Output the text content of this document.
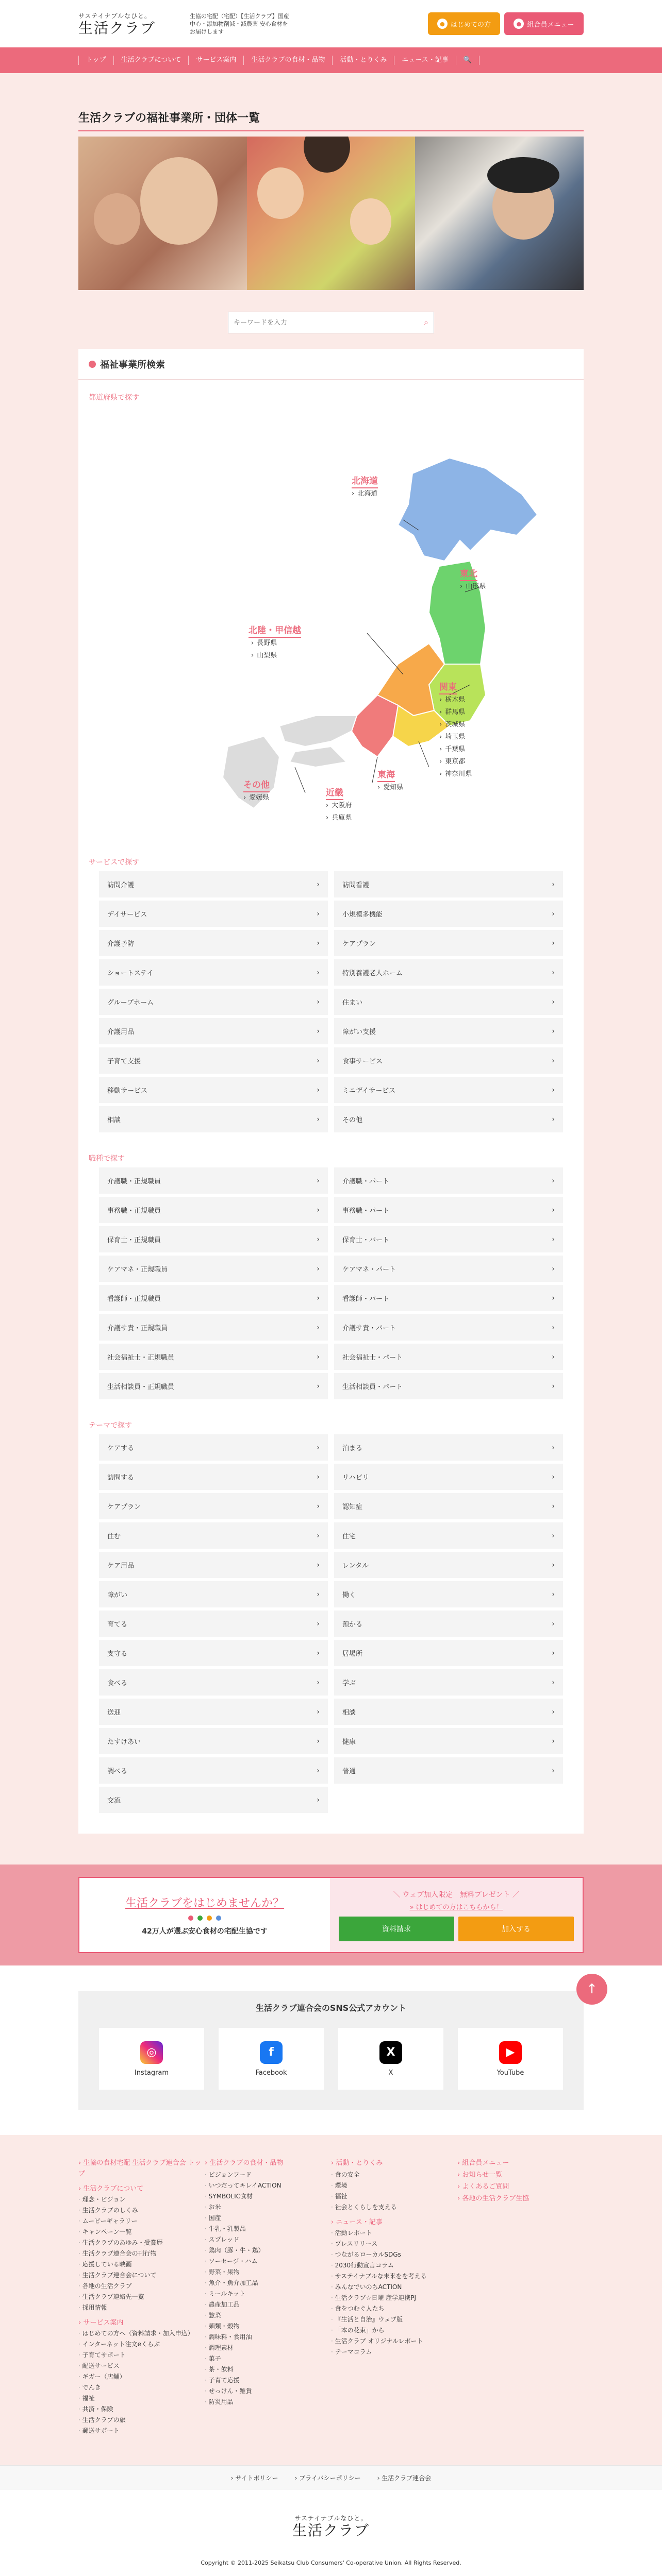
サステイナブルなひと。
生活クラブ
生協の宅配（宅配）【生活クラブ】国産中心・添加物削減・減農薬 安心食材をお届けします
● はじめての方	● 組合員メニュー
トップ	生活クラブについて	サービス案内	生活クラブの食材・品物	活動・とりくみ	ニュース・記事	🔍
生活クラブの福祉事業所・団体一覧
キーワードを入力
⌕
福祉事業所検索
都道府県で探す
北海道
› 北海道
東北
› 山形県
北陸・甲信越
› 長野県
› 山梨県
関東
› 栃木県
› 群馬県
› 茨城県
› 埼玉県
› 千葉県
› 東京都
› 神奈川県
東海
› 愛知県
近畿
› 大阪府
› 兵庫県
その他
› 愛媛県
サービスで探す
訪問介護	›	訪問看護	›
デイサービス	›	小規模多機能	›
介護予防	›	ケアプラン	›
ショートステイ	›	特別養護老人ホーム	›
グループホーム	›	住まい	›
介護用品	›	障がい支援	›
子育て支援	›	食事サービス	›
移動サービス	›	ミニデイサービス	›
相談	›	その他	›
職種で探す
介護職・正規職員	›	介護職・パート	›
事務職・正規職員	›	事務職・パート	›
保育士・正規職員	›	保育士・パート	›
ケアマネ・正規職員	›	ケアマネ・パート	›
看護師・正規職員	›	看護師・パート	›
介護サ責・正規職員	›	介護サ責・パート	›
社会福祉士・正規職員	›	社会福祉士・パート	›
生活相談員・正規職員	›	生活相談員・パート	›
テーマで探す
ケアする	›	泊まる	›
訪問する	›	リハビリ	›
ケアプラン	›	認知症	›
住む	›	住宅	›
ケア用品	›	レンタル	›
障がい	›	働く	›
育てる	›	預かる	›
支守る	›	居場所	›
食べる	›	学ぶ	›
送迎	›	相談	›
たすけあい	›	健康	›
調べる	›	普通	›
交流	›
生活クラブをはじめませんか？
42万人が選ぶ安心食材の宅配生協です
＼ ウェブ加入限定　無料プレゼント ／
» はじめての方はこちらから！
資料請求	加入する
↑
生活クラブ連合会のSNS公式アカウント
◎
Instagram
f
Facebook
X
X
▶
YouTube
› 生協の食材宅配 生活クラブ連合会 トップ
› 生活クラブについて
· 理念・ビジョン
· 生活クラブのしくみ
· ムービーギャラリー
· キャンペーン一覧
· 生活クラブのあゆみ・受賞歴
· 生活クラブ連合会の刊行物
· 応援している映画
· 生活クラブ連合会について
· 各地の生活クラブ
· 生活クラブ連絡先一覧
· 採用情報
› サービス案内
· はじめての方へ（資料請求・加入申込）
· インターネット注文eくらぶ
· 子育てサポート
· 配送サービス
· ギガー（店舗）
· でんき
· 福祉
· 共済・保険
· 生活クラブの旅
· 郵送サポート
› 生活クラブの食材・品物
· ビジョンフード
· いつだってキレイACTION
· SYMBOLIC食材
· お米
· 国産
· 牛乳・乳製品
· スプレッド
· 鶏肉（豚・牛・鶏）
· ソーセージ・ハム
· 野菜・果物
· 魚介・魚介加工品
· ミールキット
· 農産加工品
· 惣菜
· 麺類・穀物
· 調味料・食用油
· 調理素材
· 菓子
· 茶・飲料
· 子育て応援
· せっけん・雑貨
· 防災用品
› 活動・とりくみ
· 食の安全
· 環境
· 福祉
· 社会とくらしを支える
› ニュース・記事
· 活動レポート
· プレスリリース
· つながるローカルSDGs
· 2030行動宣言コラム
· サステイナブルな未来をを考える
· みんなでいのちACTION
· 生活クラブ☆日曜 産学連携PJ
· 食をつむぐ人たち
· 『生活と自治』ウェブ版
· 「本の花束」から
· 生活クラブ オリジナルレポート
· テーマコラム
› 組合員メニュー
› お知らせ一覧
› よくあるご質問
› 各地の生活クラブ生協
› サイトポリシー	› プライバシーポリシー	› 生活クラブ連合会
サステイナブルなひと。
生活クラブ
Copyright © 2011-2025 Seikatsu Club Consumers' Co-operative Union. All Rights Reserved.
